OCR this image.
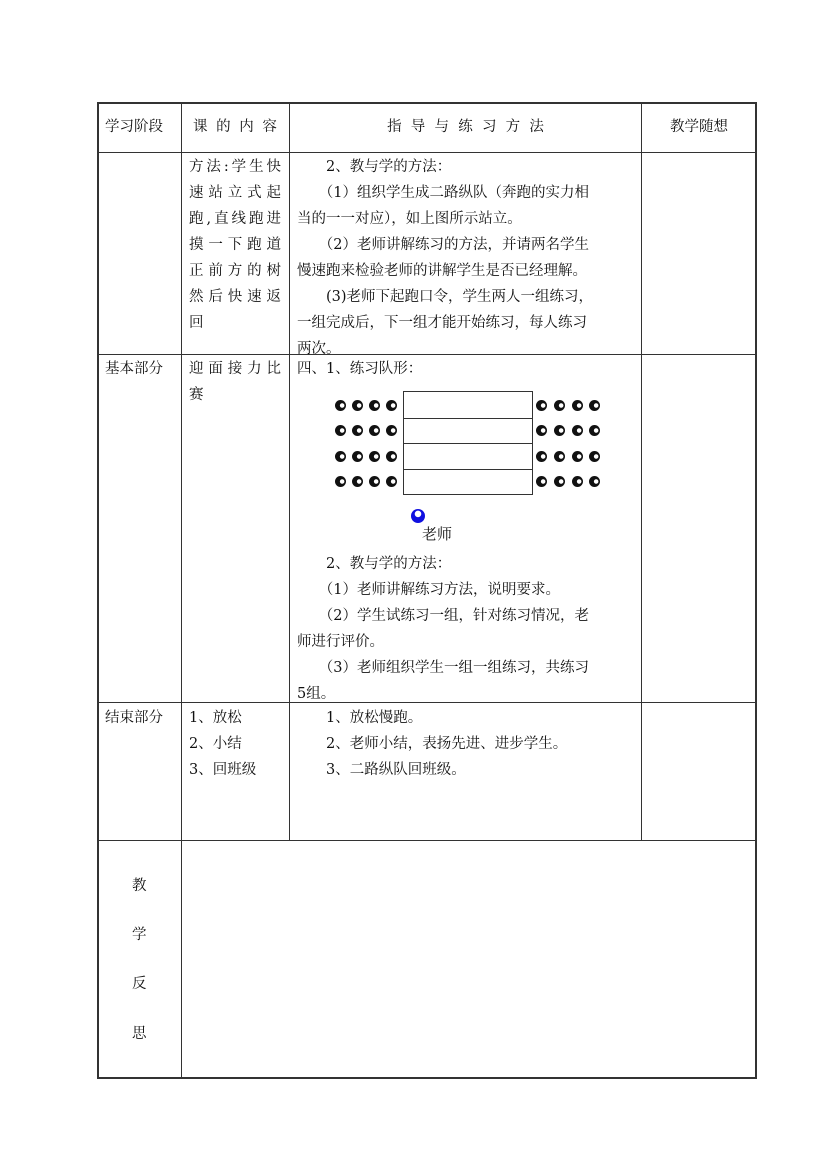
学习阶段 课 的 内 容	指  导  与  练  习  方  法	教学随想
方法:学生快
速站立式起
跑,直线跑进
摸一下跑道
正前方的树
然后快速返
回
　　2、教与学的方法：
　　（1）组织学生成二路纵队（奔跑的实力相
当的一一对应），如上图所示站立。
　　（2）老师讲解练习的方法，并请两名学生
慢速跑来检验老师的讲解学生是否已经理解。
　　(3)老师下起跑口令，学生两人一组练习，
一组完成后，下一组才能开始练习，每人练习
两次。
基本部分 迎面接力比
赛
四、1、练习队形：
老师
　　2、教与学的方法：
　　（1）老师讲解练习方法，说明要求。
　　（2）学生试练习一组，针对练习情况，老
师进行评价。
　　（3）老师组织学生一组一组练习，共练习
5组。
结束部分 1、放松
2、小结
3、回班级
　　1、放松慢跑。
　　2、老师小结，表扬先进、进步学生。
　　3、二路纵队回班级。
教
学
反
思
